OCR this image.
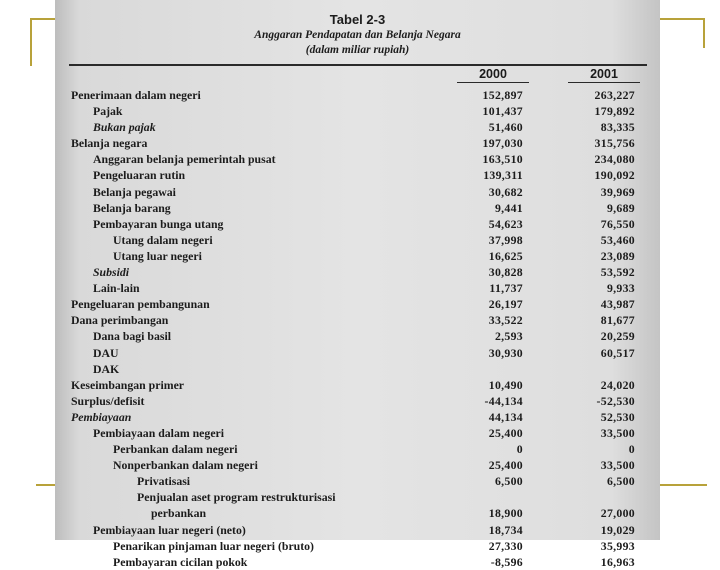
Tabel 2-3
Anggaran Pendapatan dan Belanja Negara
(dalam miliar rupiah)
2000	2001
Penerimaan dalam negeri	152,897	263,227
Pajak	101,437	179,892
Bukan pajak	51,460	83,335
Belanja negara	197,030	315,756
Anggaran belanja pemerintah pusat	163,510	234,080
Pengeluaran rutin	139,311	190,092
Belanja pegawai	30,682	39,969
Belanja barang	9,441	9,689
Pembayaran bunga utang	54,623	76,550
Utang dalam negeri	37,998	53,460
Utang luar negeri	16,625	23,089
Subsidi	30,828	53,592
Lain-lain	11,737	9,933
Pengeluaran pembangunan	26,197	43,987
Dana perimbangan	33,522	81,677
Dana bagi basil	2,593	20,259
DAU	30,930	60,517
DAK
Keseimbangan primer	10,490	24,020
Surplus/defisit	-44,134	-52,530
Pembiayaan	44,134	52,530
Pembiayaan dalam negeri	25,400	33,500
Perbankan dalam negeri	0	0
Nonperbankan dalam negeri	25,400	33,500
Privatisasi	6,500	6,500
Penjualan aset program restrukturisasi
perbankan	18,900	27,000
Pembiayaan luar negeri (neto)	18,734	19,029
Penarikan pinjaman luar negeri (bruto)	27,330	35,993
Pembayaran cicilan pokok	-8,596	16,963
